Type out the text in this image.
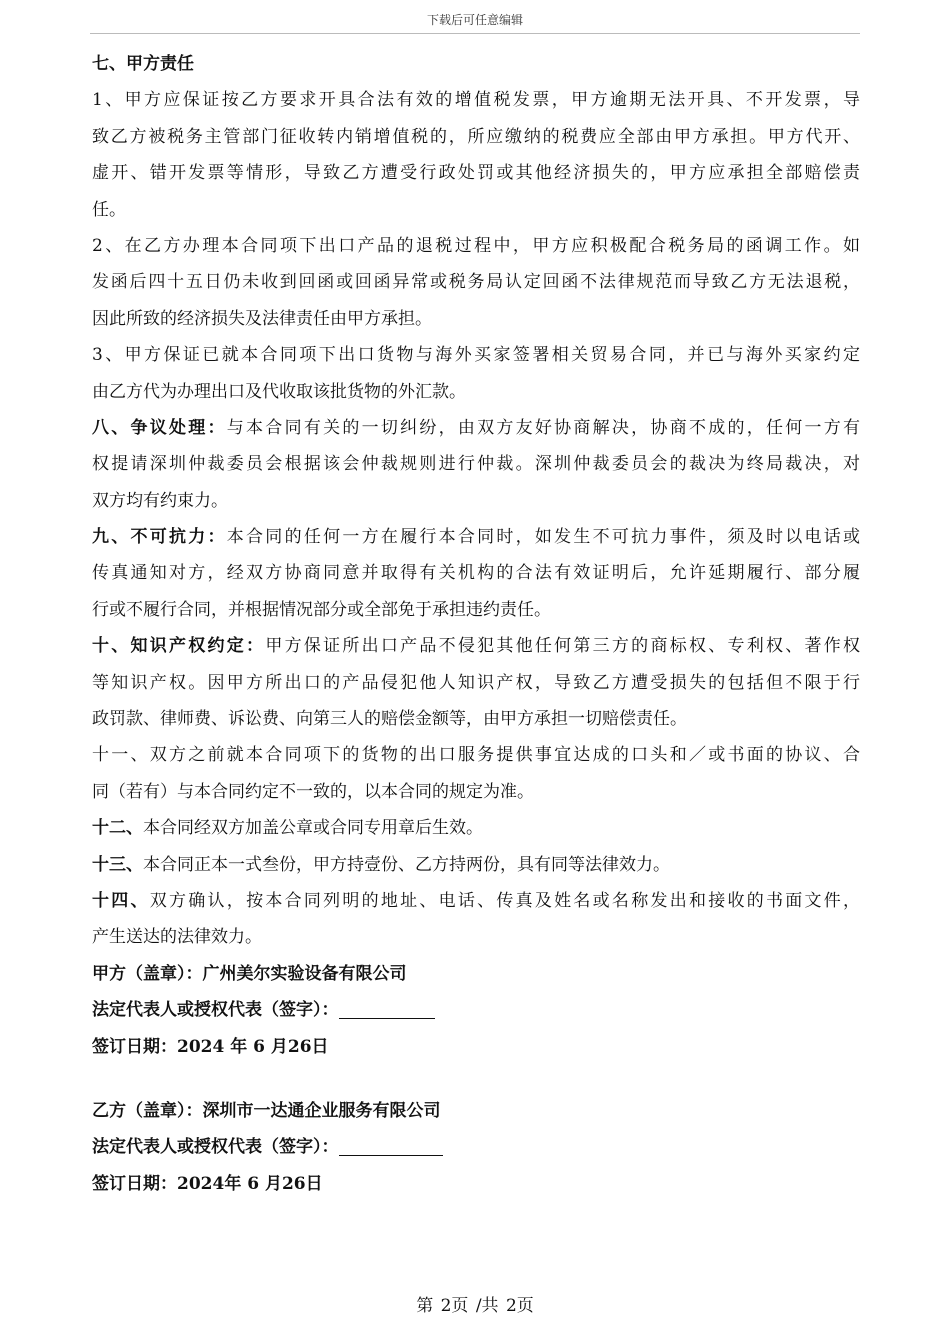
下载后可任意编辑
七、甲方责任
1、甲方应保证按乙方要求开具合法有效的增值税发票，甲方逾期无法开具、不开发票，导
致乙方被税务主管部门征收转内销增值税的，所应缴纳的税费应全部由甲方承担。甲方代开、
虚开、错开发票等情形，导致乙方遭受行政处罚或其他经济损失的，甲方应承担全部赔偿责
任。
2、在乙方办理本合同项下出口产品的退税过程中，甲方应积极配合税务局的函调工作。如
发函后四十五日仍未收到回函或回函异常或税务局认定回函不法律规范而导致乙方无法退税，
因此所致的经济损失及法律责任由甲方承担。
3、甲方保证已就本合同项下出口货物与海外买家签署相关贸易合同，并已与海外买家约定
由乙方代为办理出口及代收取该批货物的外汇款。
八、争议处理：与本合同有关的一切纠纷，由双方友好协商解决，协商不成的，任何一方有
权提请深圳仲裁委员会根据该会仲裁规则进行仲裁。深圳仲裁委员会的裁决为终局裁决，对
双方均有约束力。
九、不可抗力：本合同的任何一方在履行本合同时，如发生不可抗力事件，须及时以电话或
传真通知对方，经双方协商同意并取得有关机构的合法有效证明后，允许延期履行、部分履
行或不履行合同，并根据情况部分或全部免于承担违约责任。
十、知识产权约定：甲方保证所出口产品不侵犯其他任何第三方的商标权、专利权、著作权
等知识产权。因甲方所出口的产品侵犯他人知识产权，导致乙方遭受损失的包括但不限于行
政罚款、律师费、诉讼费、向第三人的赔偿金额等，由甲方承担一切赔偿责任。
十一、双方之前就本合同项下的货物的出口服务提供事宜达成的口头和／或书面的协议、合
同（若有）与本合同约定不一致的，以本合同的规定为准。
十二、本合同经双方加盖公章或合同专用章后生效。
十三、本合同正本一式叁份，甲方持壹份、乙方持两份，具有同等法律效力。
十四、双方确认，按本合同列明的地址、电话、传真及姓名或名称发出和接收的书面文件，
产生送达的法律效力。
甲方（盖章）：广州美尔实验设备有限公司
法定代表人或授权代表（签字）：
签订日期：2024 年 6 月26日
乙方（盖章）：深圳市一达通企业服务有限公司
法定代表人或授权代表（签字）：
签订日期：2024年 6 月26日
第 2页 /共 2页
